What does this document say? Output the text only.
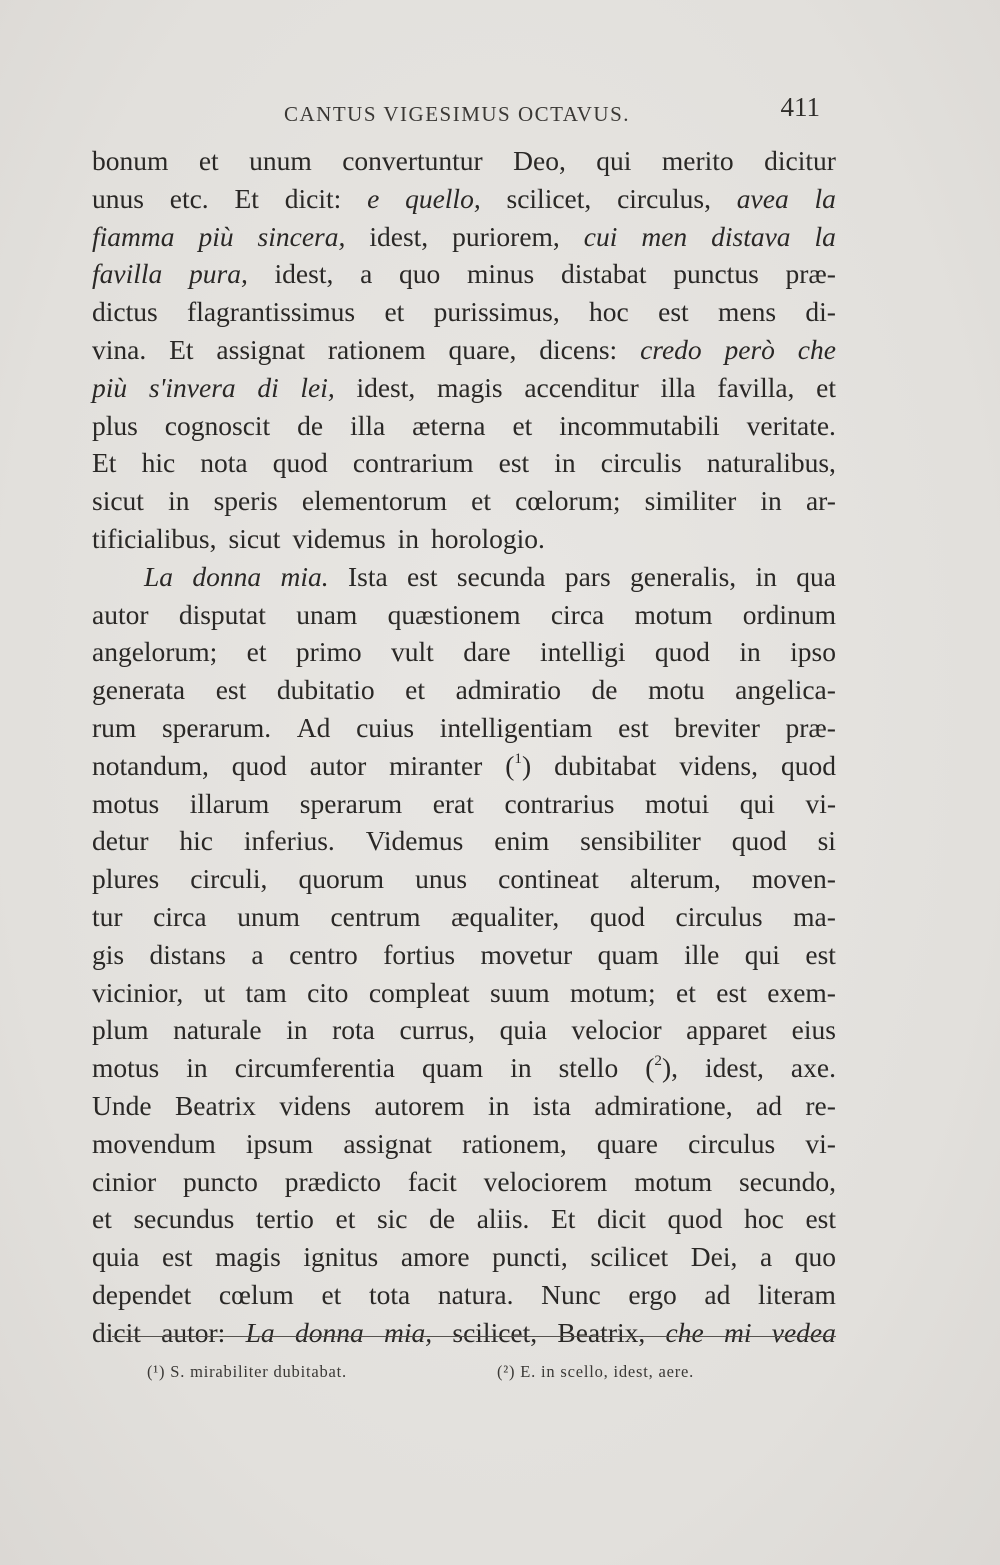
CANTUS VIGESIMUS OCTAVUS.	411
bonum et unum convertuntur Deo, qui merito dicitur
unus etc. Et dicit: e quello, scilicet, circulus, avea la
fiamma più sincera, idest, puriorem, cui men distava la
favilla pura, idest, a quo minus distabat punctus præ-
dictus flagrantissimus et purissimus, hoc est mens di-
vina. Et assignat rationem quare, dicens: credo però che
più s'invera di lei, idest, magis accenditur illa favilla, et
plus cognoscit de illa æterna et incommutabili veritate.
Et hic nota quod contrarium est in circulis naturalibus,
sicut in speris elementorum et cœlorum; similiter in ar-
tificialibus, sicut videmus in horologio.
La donna mia. Ista est secunda pars generalis, in qua
autor disputat unam quæstionem circa motum ordinum
angelorum; et primo vult dare intelligi quod in ipso
generata est dubitatio et admiratio de motu angelica-
rum sperarum. Ad cuius intelligentiam est breviter præ-
notandum, quod autor miranter ($^1$) dubitabat videns, quod
motus illarum sperarum erat contrarius motui qui vi-
detur hic inferius. Videmus enim sensibiliter quod si
plures circuli, quorum unus contineat alterum, moven-
tur circa unum centrum æqualiter, quod circulus ma-
gis distans a centro fortius movetur quam ille qui est
vicinior, ut tam cito compleat suum motum; et est exem-
plum naturale in rota currus, quia velocior apparet eius
motus in circumferentia quam in stello ($^2$), idest, axe.
Unde Beatrix videns autorem in ista admiratione, ad re-
movendum ipsum assignat rationem, quare circulus vi-
cinior puncto prædicto facit velociorem motum secundo,
et secundus tertio et sic de aliis. Et dicit quod hoc est
quia est magis ignitus amore puncti, scilicet Dei, a quo
dependet cœlum et tota natura. Nunc ergo ad literam
dicit autor: La donna mia, scilicet, Beatrix, che mi vedea
(¹) S. mirabiliter dubitabat.	(²) E. in scello, idest, aere.
